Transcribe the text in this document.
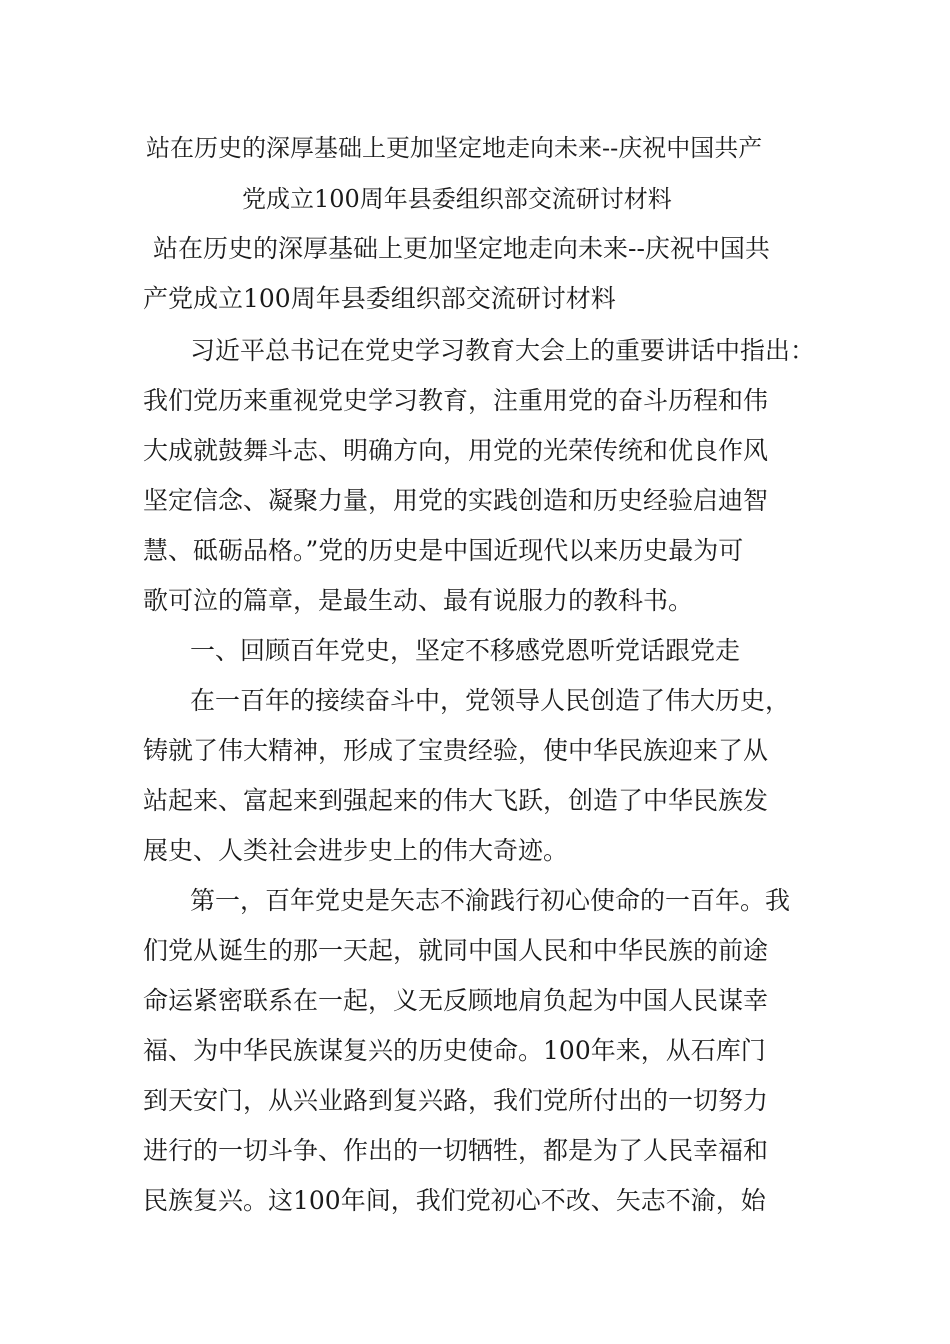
站在历史的深厚基础上更加坚定地走向未来--庆祝中国共产
党成立100周年县委组织部交流研讨材料
站在历史的深厚基础上更加坚定地走向未来--庆祝中国共
产党成立100周年县委组织部交流研讨材料
习近平总书记在党史学习教育大会上的重要讲话中指出：
我们党历来重视党史学习教育，注重用党的奋斗历程和伟
大成就鼓舞斗志、明确方向，用党的光荣传统和优良作风
坚定信念、凝聚力量，用党的实践创造和历史经验启迪智
慧、砥砺品格。”党的历史是中国近现代以来历史最为可
歌可泣的篇章，是最生动、最有说服力的教科书。
一、回顾百年党史，坚定不移感党恩听党话跟党走
在一百年的接续奋斗中，党领导人民创造了伟大历史，
铸就了伟大精神，形成了宝贵经验，使中华民族迎来了从
站起来、富起来到强起来的伟大飞跃，创造了中华民族发
展史、人类社会进步史上的伟大奇迹。
第一，百年党史是矢志不渝践行初心使命的一百年。我
们党从诞生的那一天起，就同中国人民和中华民族的前途
命运紧密联系在一起，义无反顾地肩负起为中国人民谋幸
福、为中华民族谋复兴的历史使命。100年来，从石库门
到天安门，从兴业路到复兴路，我们党所付出的一切努力
进行的一切斗争、作出的一切牺牲，都是为了人民幸福和
民族复兴。这100年间，我们党初心不改、矢志不渝，始
